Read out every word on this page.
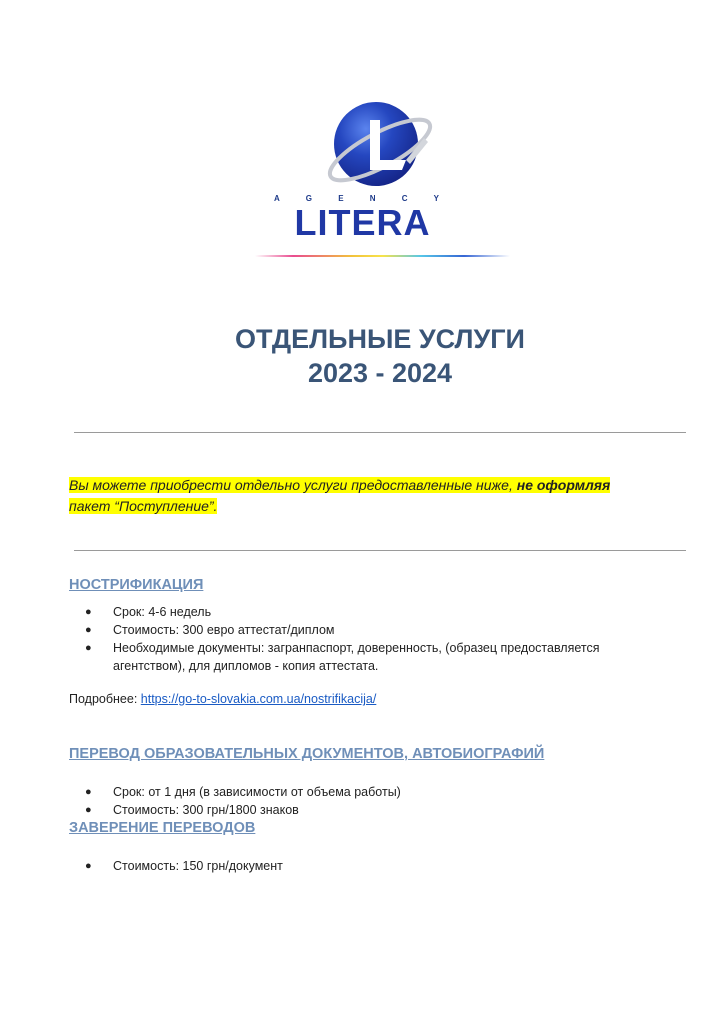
A G E N C Y
LITERA
ОТДЕЛЬНЫЕ УСЛУГИ
2023 - 2024
Вы можете приобрести отдельно услуги предоставленные ниже, не оформляя
пакет “Поступление”.
НОСТРИФИКАЦИЯ
● Срок: 4-6 недель
● Стоимость: 300 евро аттестат/диплом
● Необходимые документы: загранпаспорт, доверенность, (образец предоставляется агентством), для дипломов - копия аттестата.
Подробнее: https://go-to-slovakia.com.ua/nostrifikacija/
ПЕРЕВОД ОБРАЗОВАТЕЛЬНЫХ ДОКУМЕНТОВ, АВТОБИОГРАФИЙ
● Срок: от 1 дня (в зависимости от объема работы)
● Стоимость: 300 грн/1800 знаков
ЗАВЕРЕНИЕ ПЕРЕВОДОВ
● Стоимость: 150 грн/документ
